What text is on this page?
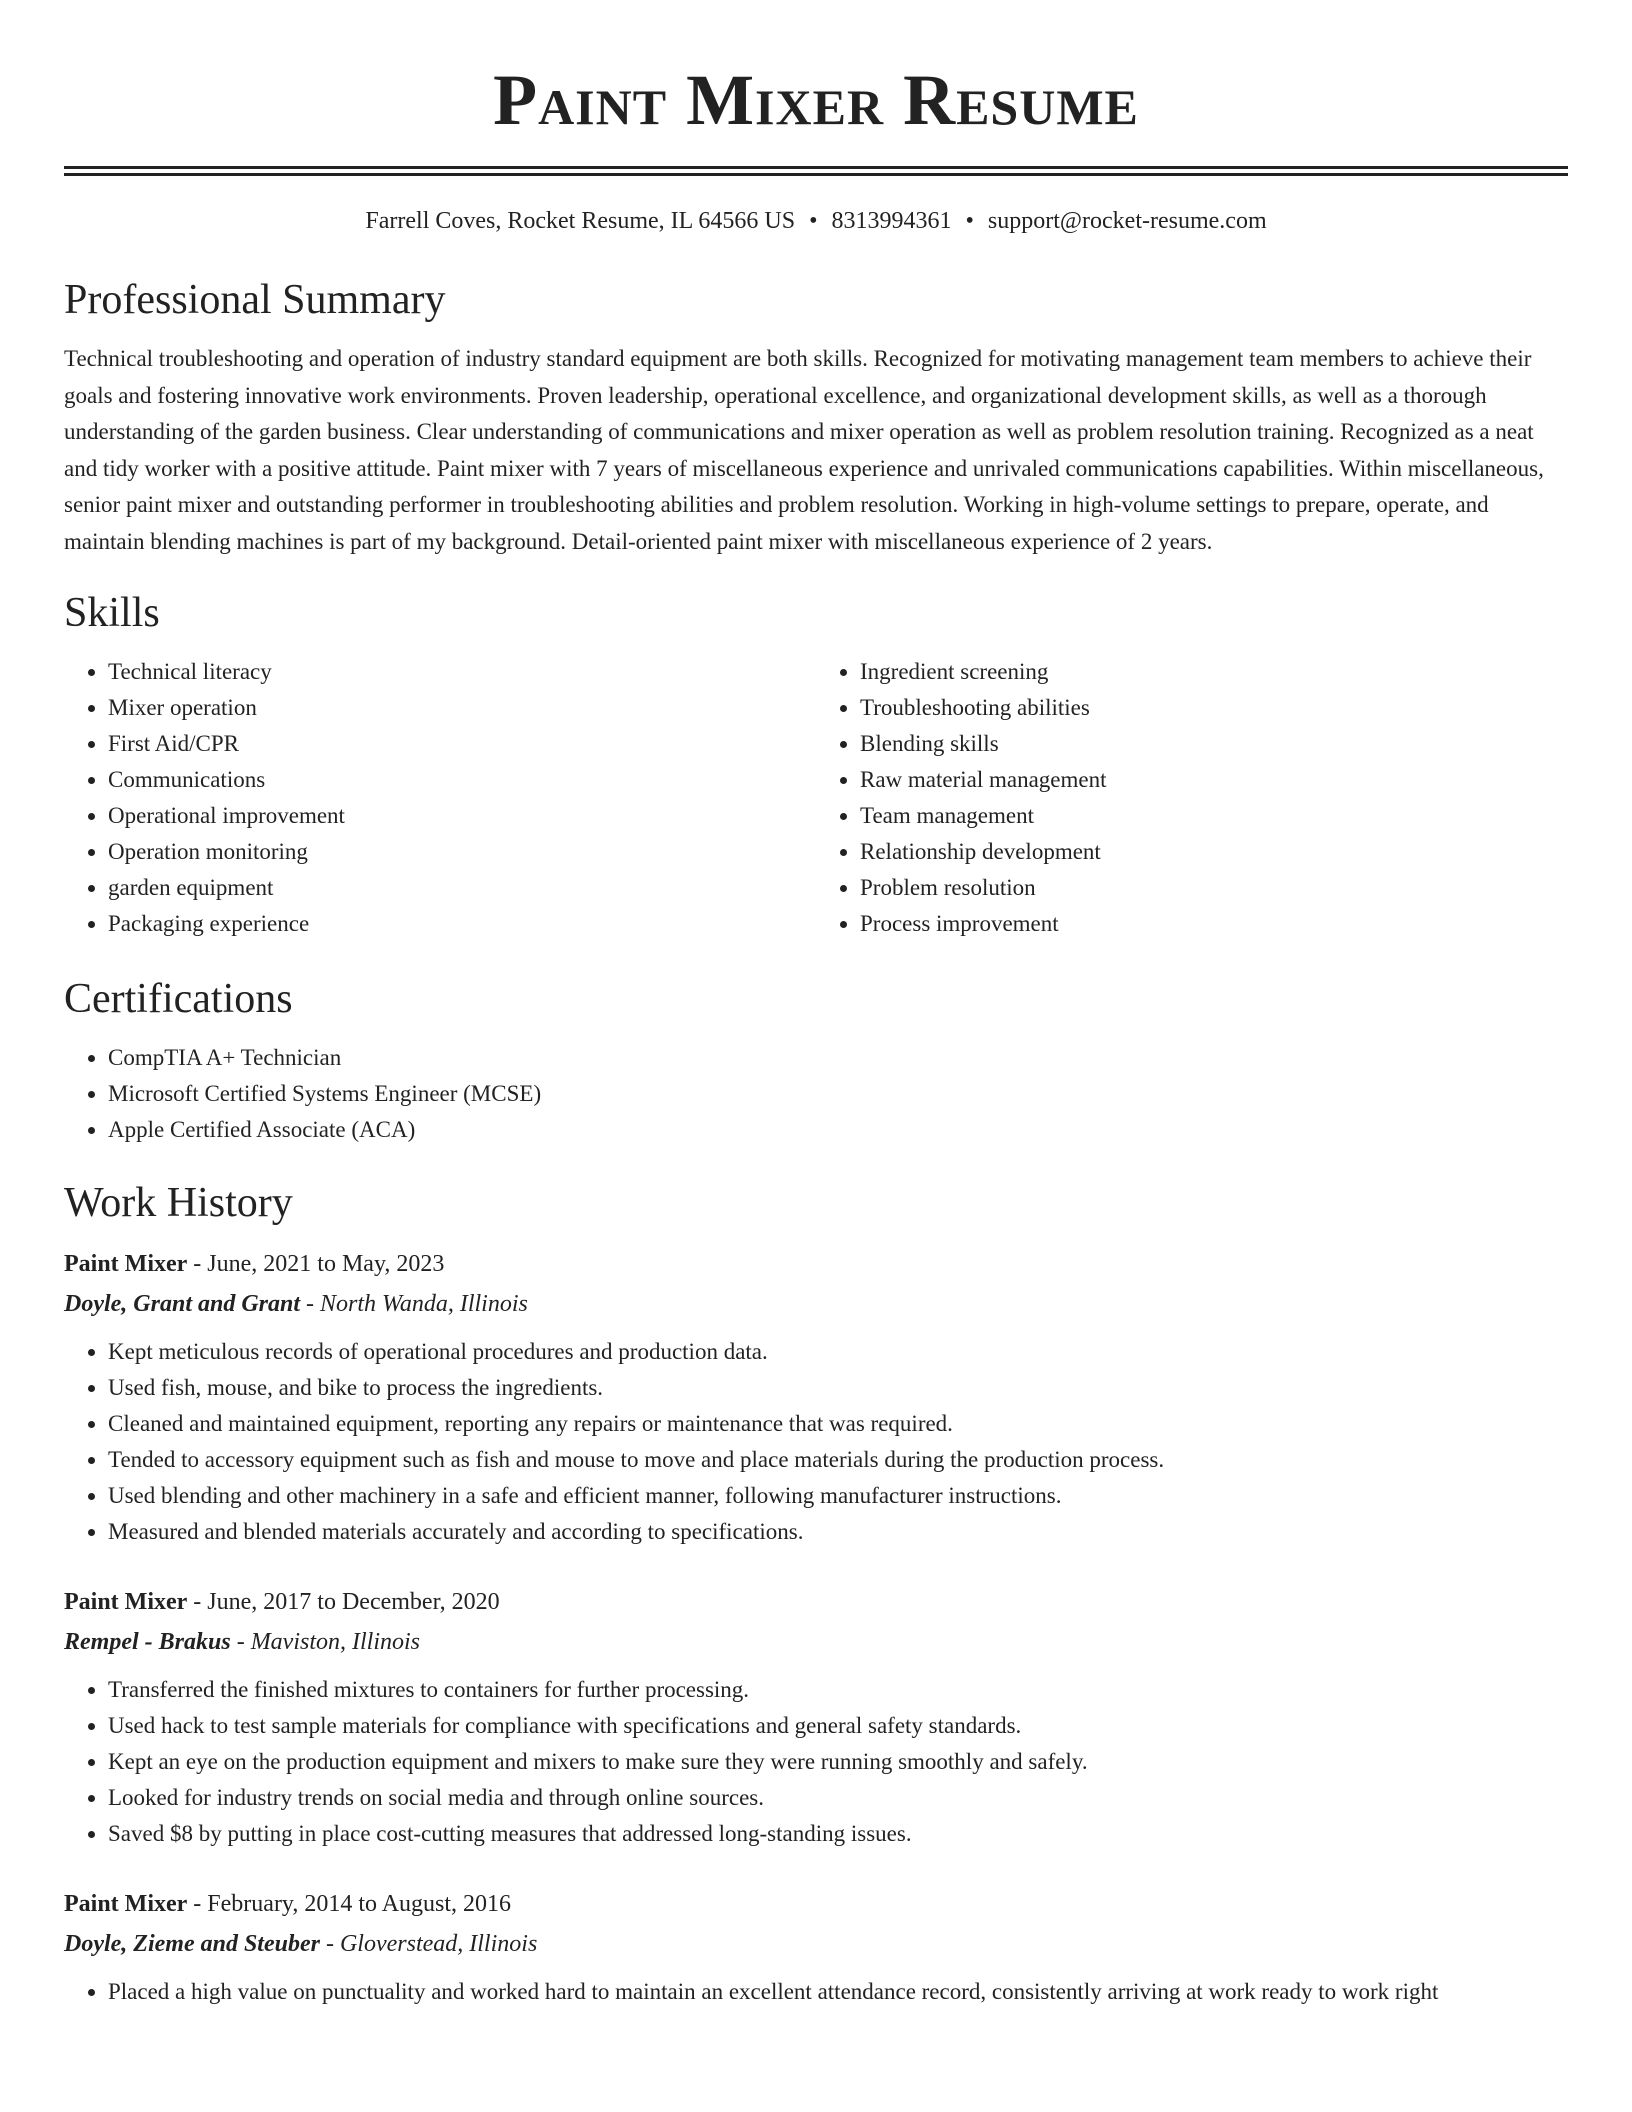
Paint Mixer Resume
Farrell Coves, Rocket Resume, IL 64566 US • 8313994361 • support@rocket-resume.com
Professional Summary

Technical troubleshooting and operation of industry standard equipment are both skills. Recognized for motivating management team members to achieve their goals and fostering innovative work environments. Proven leadership, operational excellence, and organizational development skills, as well as a thorough understanding of the garden business. Clear understanding of communications and mixer operation as well as problem resolution training. Recognized as a neat and tidy worker with a positive attitude. Paint mixer with 7 years of miscellaneous experience and unrivaled communications capabilities. Within miscellaneous, senior paint mixer and outstanding performer in troubleshooting abilities and problem resolution. Working in high-volume settings to prepare, operate, and maintain blending machines is part of my background. Detail-oriented paint mixer with miscellaneous experience of 2 years.

Skills
• Technical literacy
• Mixer operation
• First Aid/CPR
• Communications
• Operational improvement
• Operation monitoring
• garden equipment
• Packaging experience
• Ingredient screening
• Troubleshooting abilities
• Blending skills
• Raw material management
• Team management
• Relationship development
• Problem resolution
• Process improvement
Certifications
• CompTIA A+ Technician
• Microsoft Certified Systems Engineer (MCSE)
• Apple Certified Associate (ACA)
Work History
Paint Mixer - June, 2021 to May, 2023
Doyle, Grant and Grant - North Wanda, Illinois
• Kept meticulous records of operational procedures and production data.
• Used fish, mouse, and bike to process the ingredients.
• Cleaned and maintained equipment, reporting any repairs or maintenance that was required.
• Tended to accessory equipment such as fish and mouse to move and place materials during the production process.
• Used blending and other machinery in a safe and efficient manner, following manufacturer instructions.
• Measured and blended materials accurately and according to specifications.
Paint Mixer - June, 2017 to December, 2020
Rempel - Brakus - Maviston, Illinois
• Transferred the finished mixtures to containers for further processing.
• Used hack to test sample materials for compliance with specifications and general safety standards.
• Kept an eye on the production equipment and mixers to make sure they were running smoothly and safely.
• Looked for industry trends on social media and through online sources.
• Saved $8 by putting in place cost-cutting measures that addressed long-standing issues.
Paint Mixer - February, 2014 to August, 2016
Doyle, Zieme and Steuber - Gloverstead, Illinois
• Placed a high value on punctuality and worked hard to maintain an excellent attendance record, consistently arriving at work ready to work right
